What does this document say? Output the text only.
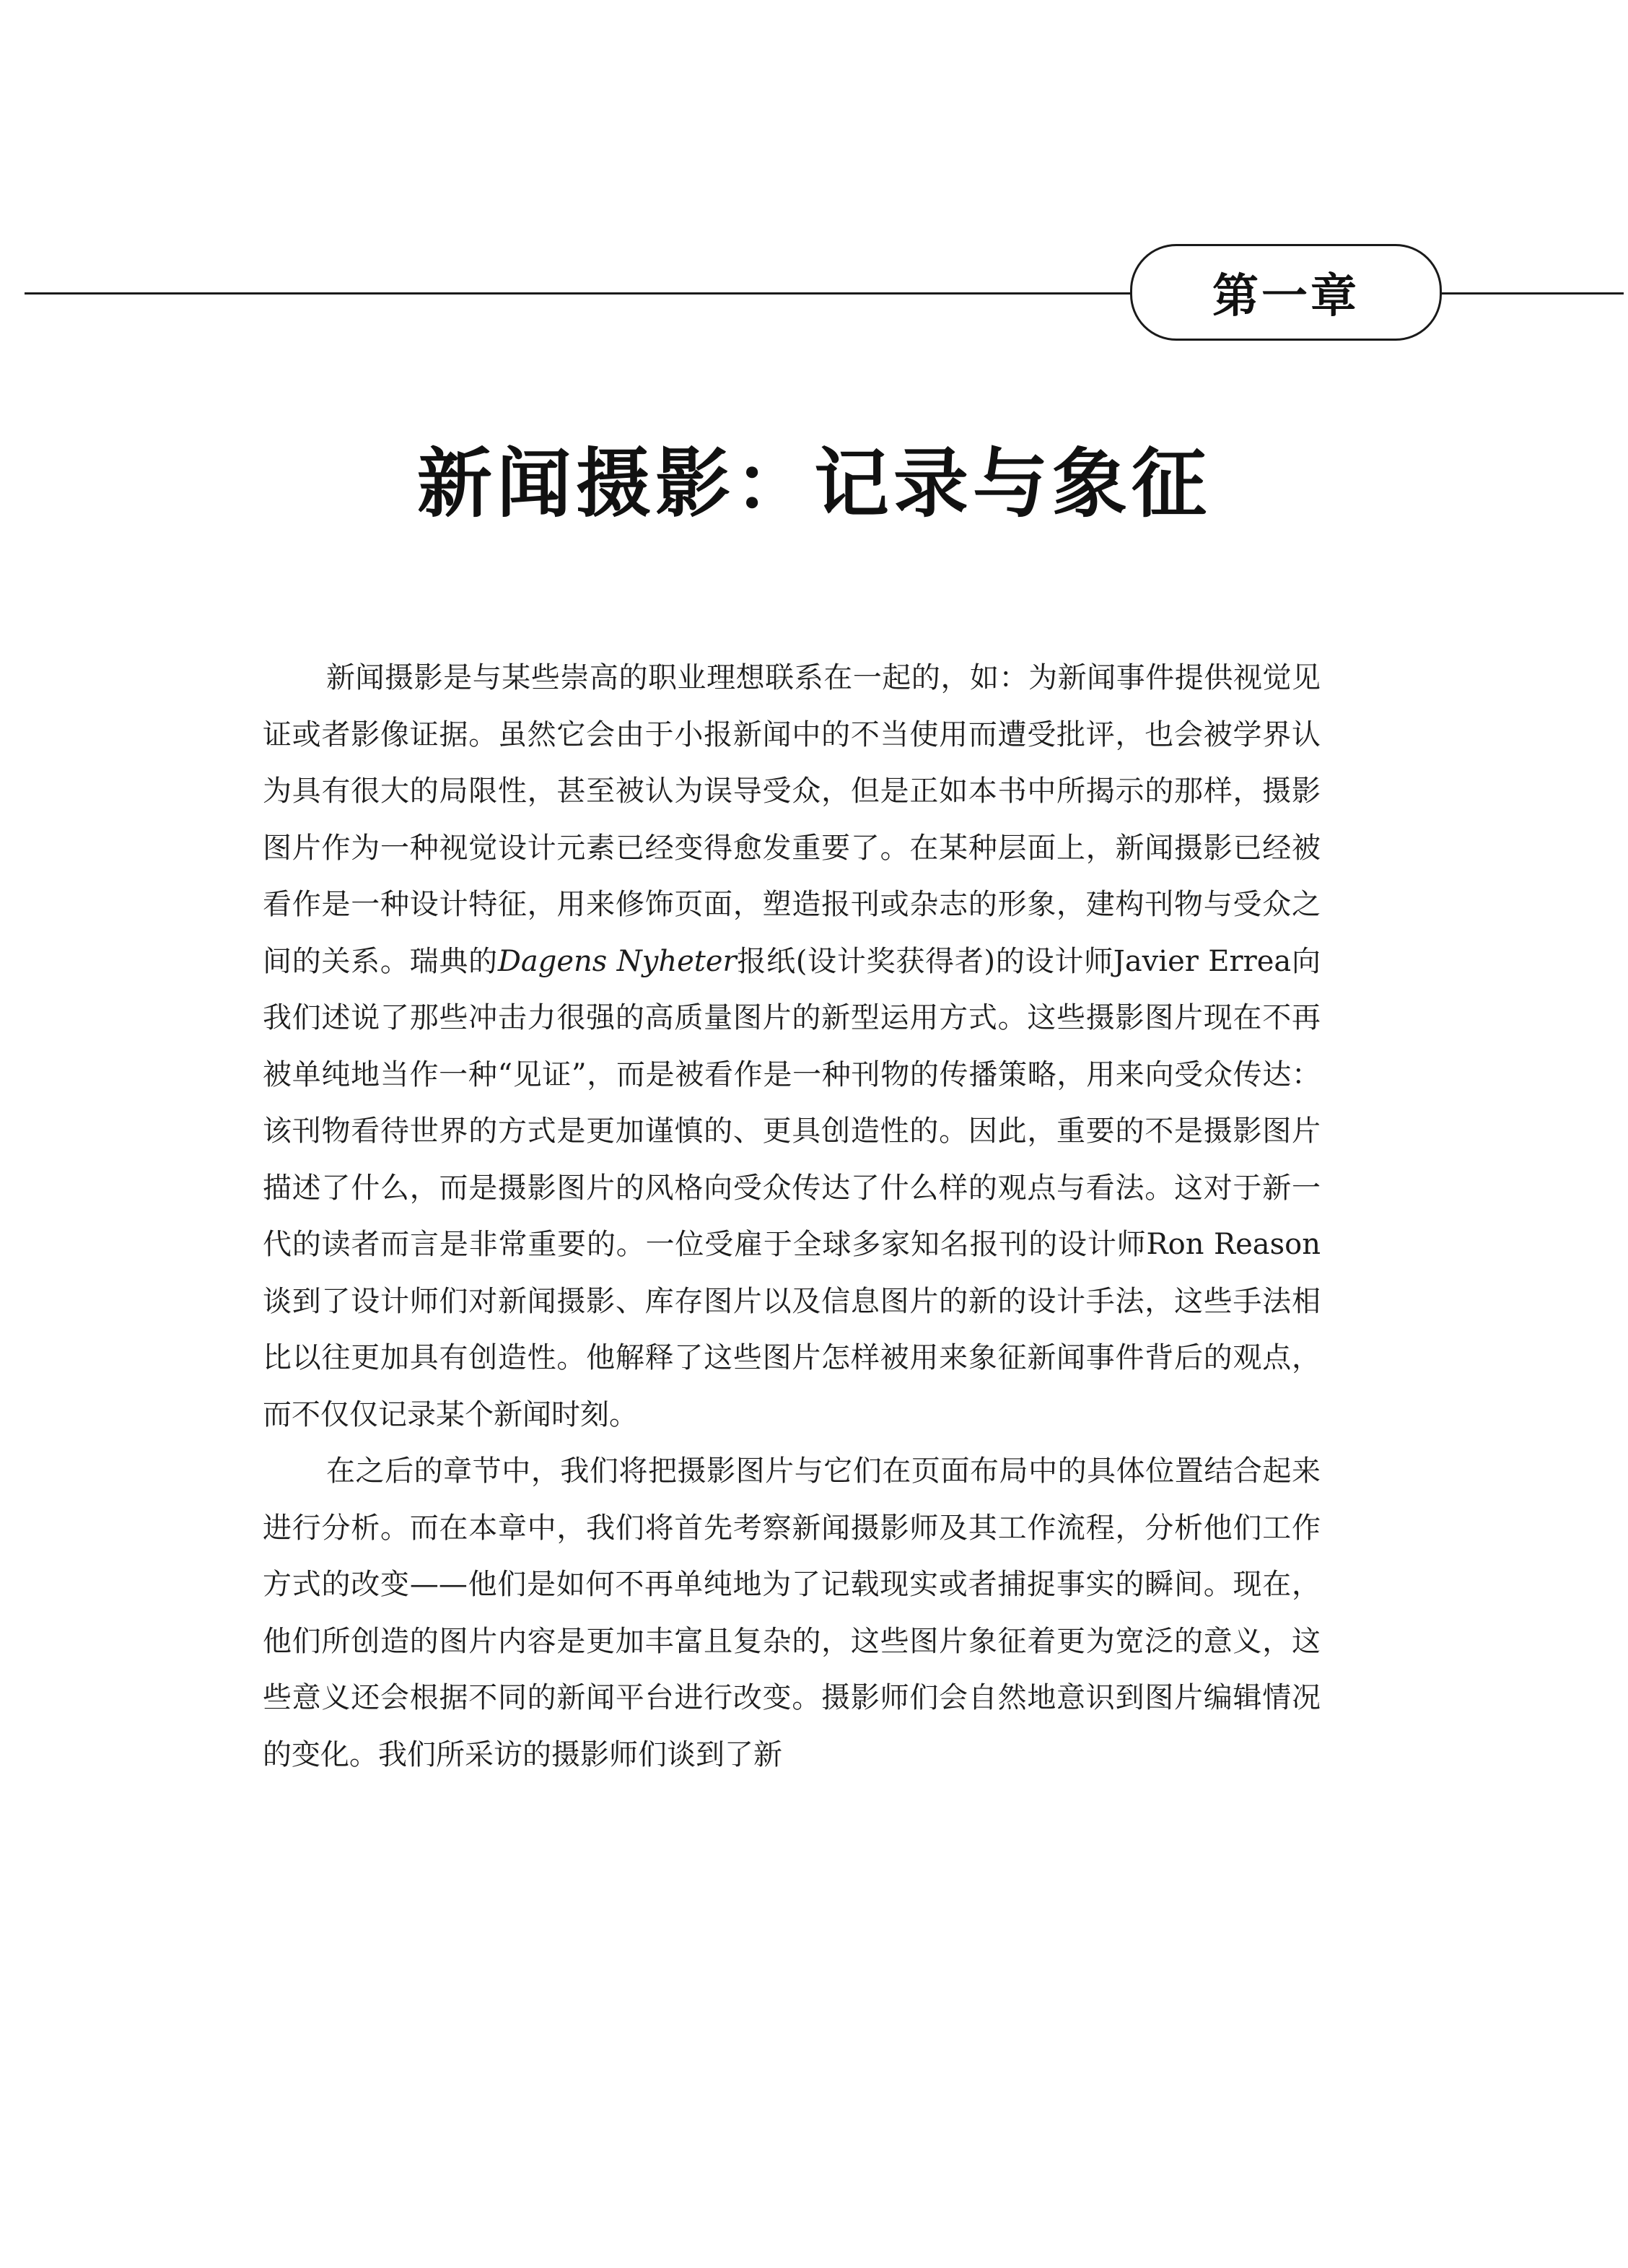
第一章
新闻摄影：记录与象征

新闻摄影是与某些崇高的职业理想联系在一起的，如：为新闻事件提供视觉见证或者影像证据。虽然它会由于小报新闻中的不当使用而遭受批评，也会被学界认为具有很大的局限性，甚至被认为误导受众，但是正如本书中所揭示的那样，摄影图片作为一种视觉设计元素已经变得愈发重要了。在某种层面上，新闻摄影已经被看作是一种设计特征，用来修饰页面，塑造报刊或杂志的形象，建构刊物与受众之间的关系。瑞典的Dagens Nyheter报纸(设计奖获得者)的设计师Javier Errea向我们述说了那些冲击力很强的高质量图片的新型运用方式。这些摄影图片现在不再被单纯地当作一种“见证”，而是被看作是一种刊物的传播策略，用来向受众传达：该刊物看待世界的方式是更加谨慎的、更具创造性的。因此，重要的不是摄影图片描述了什么，而是摄影图片的风格向受众传达了什么样的观点与看法。这对于新一代的读者而言是非常重要的。一位受雇于全球多家知名报刊的设计师Ron Reason谈到了设计师们对新闻摄影、库存图片以及信息图片的新的设计手法，这些手法相比以往更加具有创造性。他解释了这些图片怎样被用来象征新闻事件背后的观点，而不仅仅记录某个新闻时刻。

在之后的章节中，我们将把摄影图片与它们在页面布局中的具体位置结合起来进行分析。而在本章中，我们将首先考察新闻摄影师及其工作流程，分析他们工作方式的改变——他们是如何不再单纯地为了记载现实或者捕捉事实的瞬间。现在，他们所创造的图片内容是更加丰富且复杂的，这些图片象征着更为宽泛的意义，这些意义还会根据不同的新闻平台进行改变。摄影师们会自然地意识到图片编辑情况的变化。我们所采访的摄影师们谈到了新
